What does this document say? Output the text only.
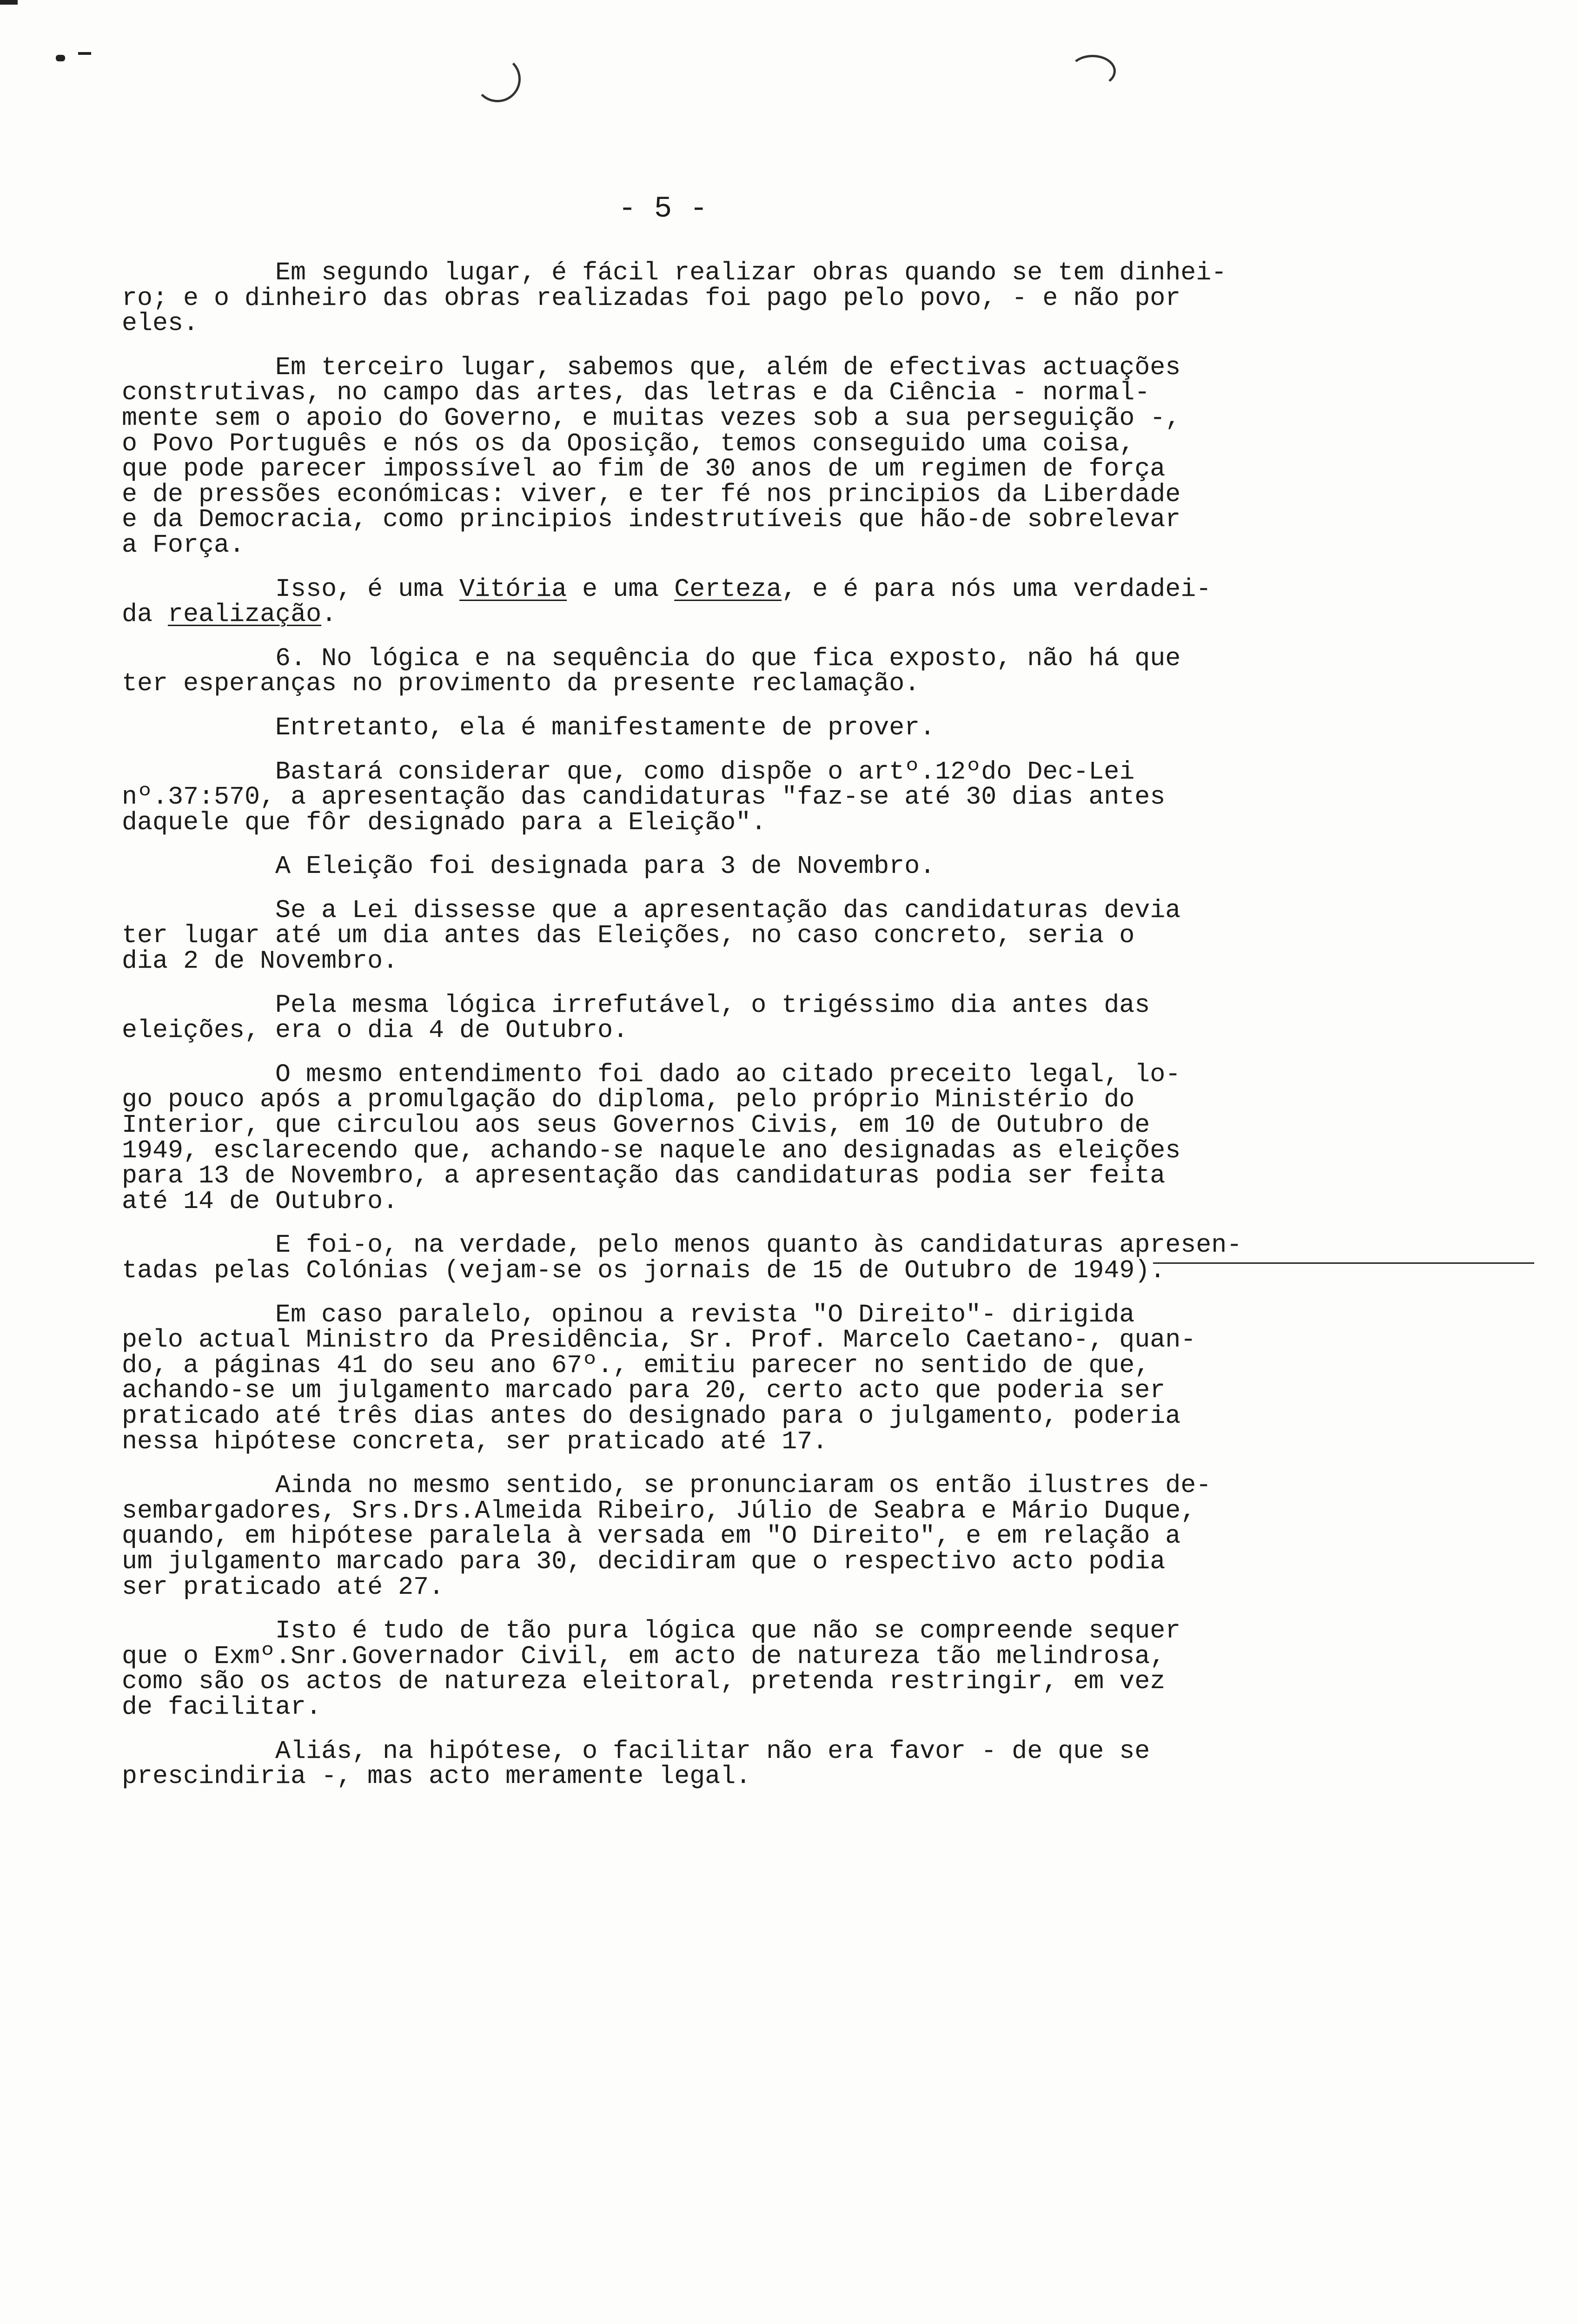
- 5 -
Em segundo lugar, é fácil realizar obras quando se tem dinhei-
ro; e o dinheiro das obras realizadas foi pago pelo povo, - e não por
eles.
Em terceiro lugar, sabemos que, além de efectivas actuações
construtivas, no campo das artes, das letras e da Ciência - normal-
mente sem o apoio do Governo, e muitas vezes sob a sua perseguição -,
o Povo Português e nós os da Oposição, temos conseguido uma coisa,
que pode parecer impossível ao fim de 30 anos de um regimen de força
e de pressões económicas: viver, e ter fé nos principios da Liberdade
e da Democracia, como principios indestrutíveis que hão-de sobrelevar
a Força.
Isso, é uma Vitória e uma Certeza, e é para nós uma verdadei-
da realização.
6. No lógica e na sequência do que fica exposto, não há que
ter esperanças no provimento da presente reclamação.
Entretanto, ela é manifestamente de prover.
Bastará considerar que, como dispõe o artº.12ºdo Dec-Lei
nº.37:570, a apresentação das candidaturas "faz-se até 30 dias antes
daquele que fôr designado para a Eleição".
A Eleição foi designada para 3 de Novembro.
Se a Lei dissesse que a apresentação das candidaturas devia
ter lugar até um dia antes das Eleições, no caso concreto, seria o
dia 2 de Novembro.
Pela mesma lógica irrefutável, o trigéssimo dia antes das
eleições, era o dia 4 de Outubro.
O mesmo entendimento foi dado ao citado preceito legal, lo-
go pouco após a promulgação do diploma, pelo próprio Ministério do
Interior, que circulou aos seus Governos Civis, em 10 de Outubro de
1949, esclarecendo que, achando-se naquele ano designadas as eleições
para 13 de Novembro, a apresentação das candidaturas podia ser feita
até 14 de Outubro.
E foi-o, na verdade, pelo menos quanto às candidaturas apresen-
tadas pelas Colónias (vejam-se os jornais de 15 de Outubro de 1949).
Em caso paralelo, opinou a revista "O Direito"- dirigida
pelo actual Ministro da Presidência, Sr. Prof. Marcelo Caetano-, quan-
do, a páginas 41 do seu ano 67º., emitiu parecer no sentido de que,
achando-se um julgamento marcado para 20, certo acto que poderia ser
praticado até três dias antes do designado para o julgamento, poderia
nessa hipótese concreta, ser praticado até 17.
Ainda no mesmo sentido, se pronunciaram os então ilustres de-
sembargadores, Srs.Drs.Almeida Ribeiro, Júlio de Seabra e Mário Duque,
quando, em hipótese paralela à versada em "O Direito", e em relação a
um julgamento marcado para 30, decidiram que o respectivo acto podia
ser praticado até 27.
Isto é tudo de tão pura lógica que não se compreende sequer
que o Exmº.Snr.Governador Civil, em acto de natureza tão melindrosa,
como são os actos de natureza eleitoral, pretenda restringir, em vez
de facilitar.
Aliás, na hipótese, o facilitar não era favor - de que se
prescindiria -, mas acto meramente legal.
